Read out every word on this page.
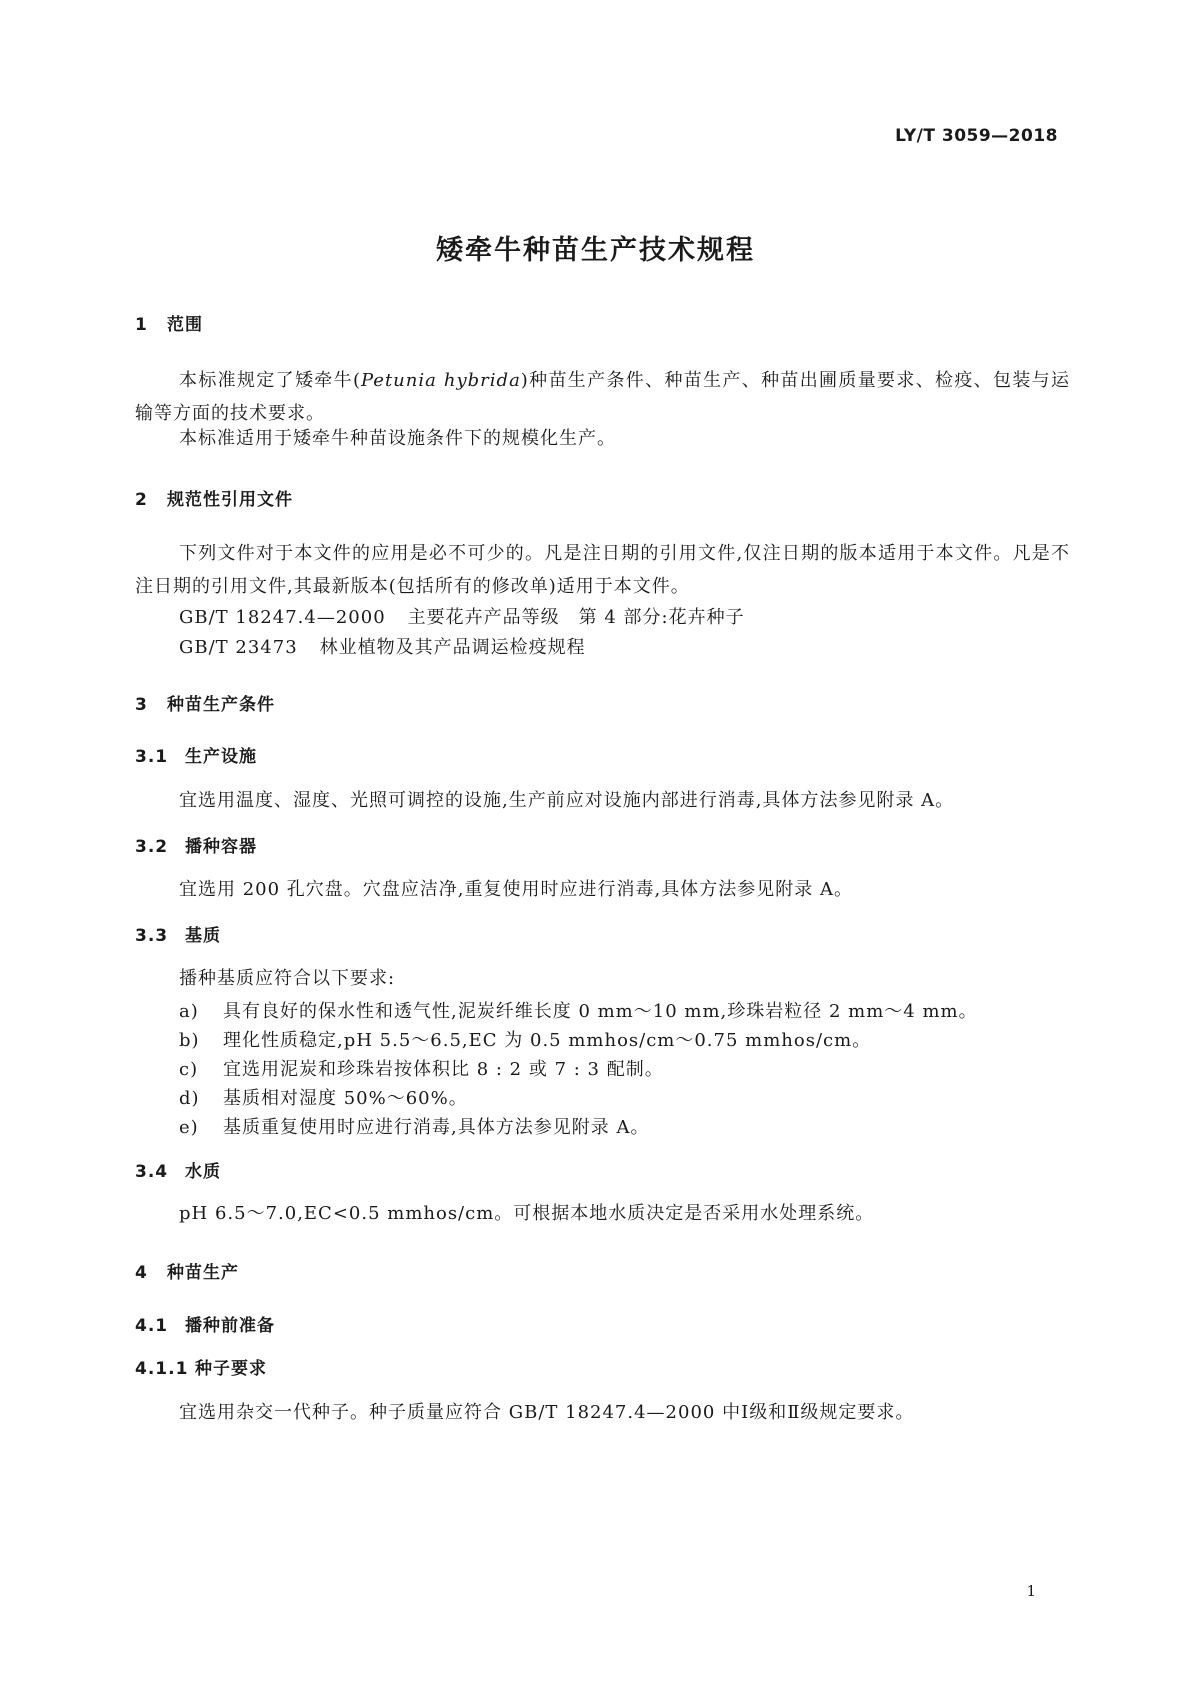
LY/T 3059—2018
矮牵牛种苗生产技术规程
1 范围
本标准规定了矮牵牛(Petunia hybrida)种苗生产条件、种苗生产、种苗出圃质量要求、检疫、包装与运输等方面的技术要求。
本标准适用于矮牵牛种苗设施条件下的规模化生产。
2 规范性引用文件
下列文件对于本文件的应用是必不可少的。凡是注日期的引用文件,仅注日期的版本适用于本文件。凡是不注日期的引用文件,其最新版本(包括所有的修改单)适用于本文件。
GB/T 18247.4—2000 主要花卉产品等级　第 4 部分:花卉种子
GB/T 23473 林业植物及其产品调运检疫规程
3 种苗生产条件
3.1 生产设施
宜选用温度、湿度、光照可调控的设施,生产前应对设施内部进行消毒,具体方法参见附录 A。
3.2 播种容器
宜选用 200 孔穴盘。穴盘应洁净,重复使用时应进行消毒,具体方法参见附录 A。
3.3 基质
播种基质应符合以下要求:
a) 具有良好的保水性和透气性,泥炭纤维长度 0 mm～10 mm,珍珠岩粒径 2 mm～4 mm。
b) 理化性质稳定,pH 5.5～6.5,EC 为 0.5 mmhos/cm～0.75 mmhos/cm。
c) 宜选用泥炭和珍珠岩按体积比 8 : 2 或 7 : 3 配制。
d) 基质相对湿度 50%～60%。
e) 基质重复使用时应进行消毒,具体方法参见附录 A。
3.4 水质
pH 6.5～7.0,EC<0.5 mmhos/cm。可根据本地水质决定是否采用水处理系统。
4 种苗生产
4.1 播种前准备
4.1.1 种子要求
宜选用杂交一代种子。种子质量应符合 GB/T 18247.4—2000 中Ⅰ级和Ⅱ级规定要求。
1
